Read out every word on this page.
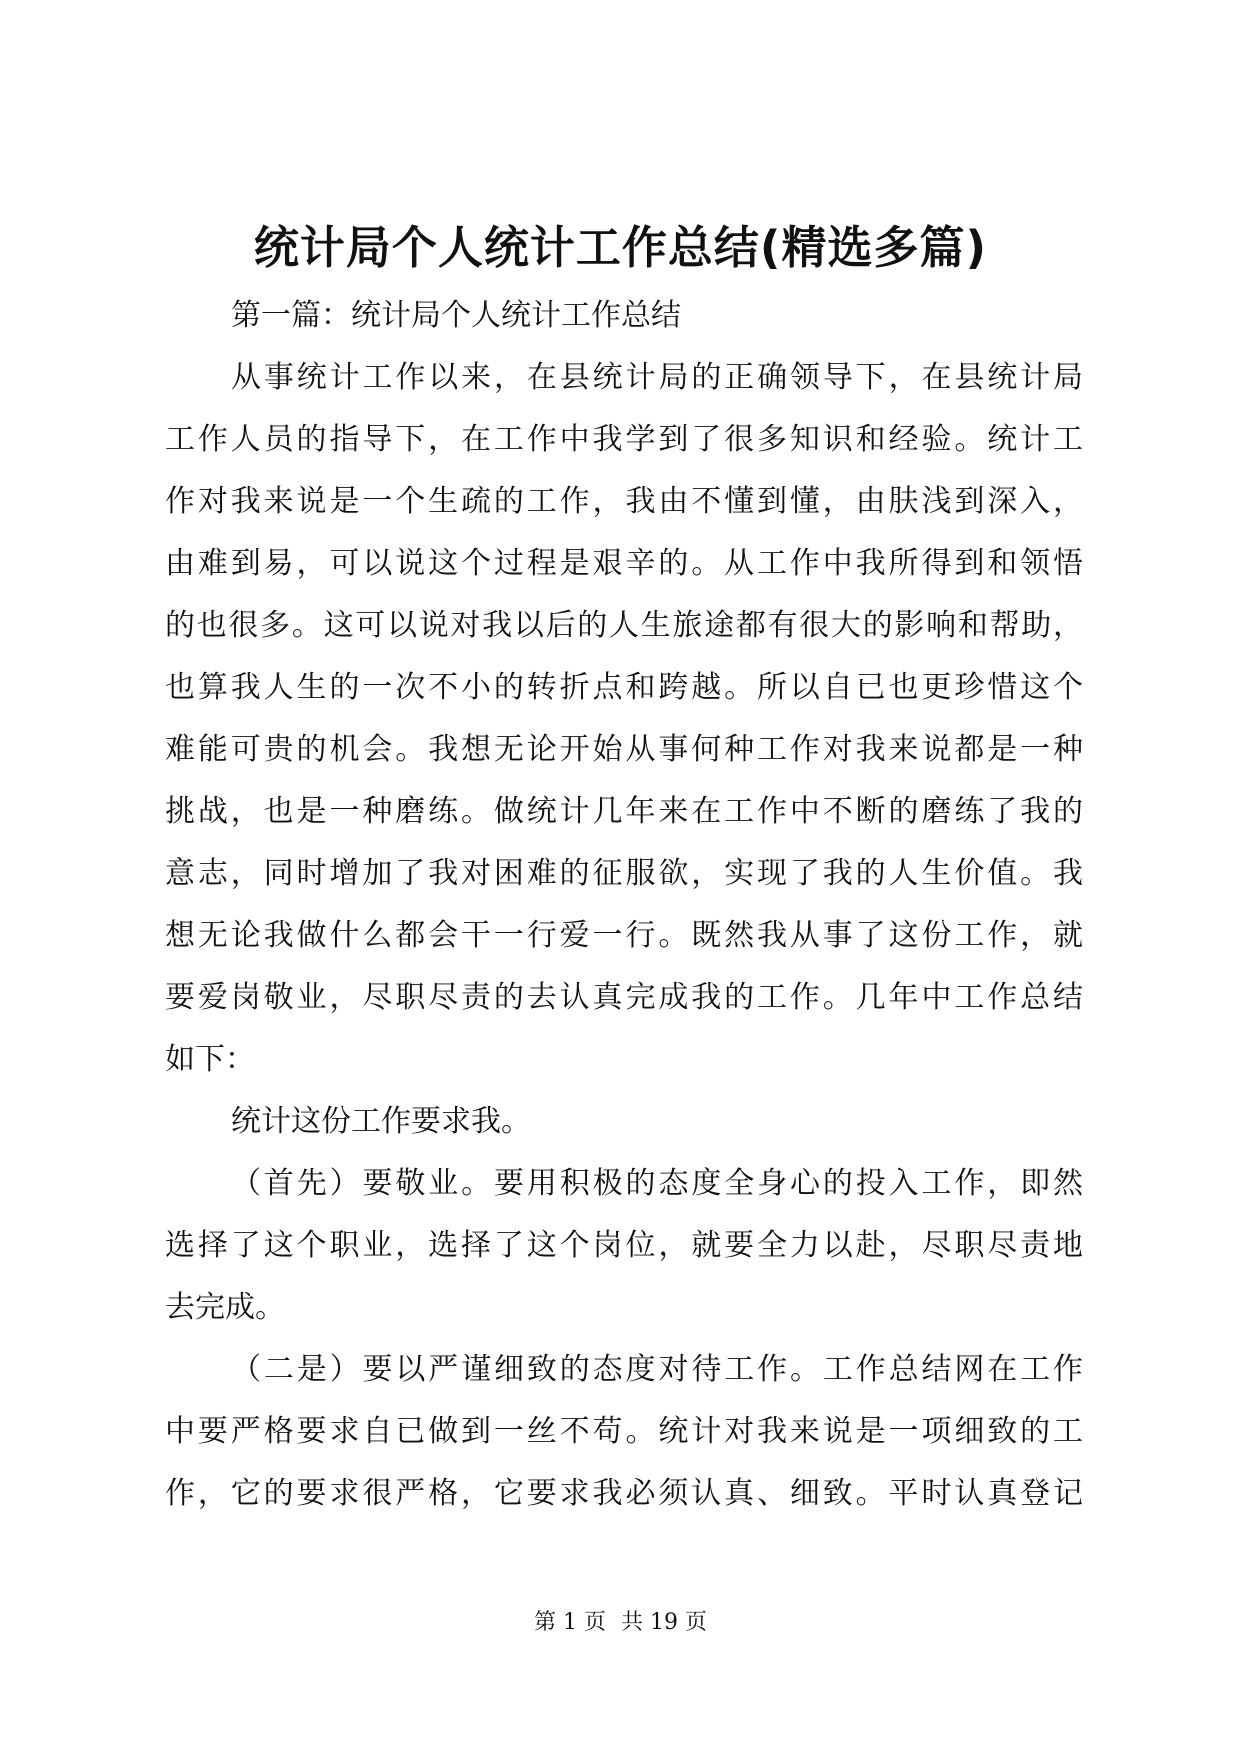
统计局个人统计工作总结(精选多篇)
第一篇：统计局个人统计工作总结
从事统计工作以来，在县统计局的正确领导下，在县统计局
工作人员的指导下，在工作中我学到了很多知识和经验。统计工
作对我来说是一个生疏的工作，我由不懂到懂，由肤浅到深入，
由难到易，可以说这个过程是艰辛的。从工作中我所得到和领悟
的也很多。这可以说对我以后的人生旅途都有很大的影响和帮助，
也算我人生的一次不小的转折点和跨越。所以自已也更珍惜这个
难能可贵的机会。我想无论开始从事何种工作对我来说都是一种
挑战，也是一种磨练。做统计几年来在工作中不断的磨练了我的
意志，同时增加了我对困难的征服欲，实现了我的人生价值。我
想无论我做什么都会干一行爱一行。既然我从事了这份工作，就
要爱岗敬业，尽职尽责的去认真完成我的工作。几年中工作总结
如下：
统计这份工作要求我。
（首先）要敬业。要用积极的态度全身心的投入工作，即然
选择了这个职业，选择了这个岗位，就要全力以赴，尽职尽责地
去完成。
（二是）要以严谨细致的态度对待工作。工作总结网在工作
中要严格要求自已做到一丝不苟。统计对我来说是一项细致的工
作，它的要求很严格，它要求我必须认真、细致。平时认真登记
第 1 页 共 19 页
